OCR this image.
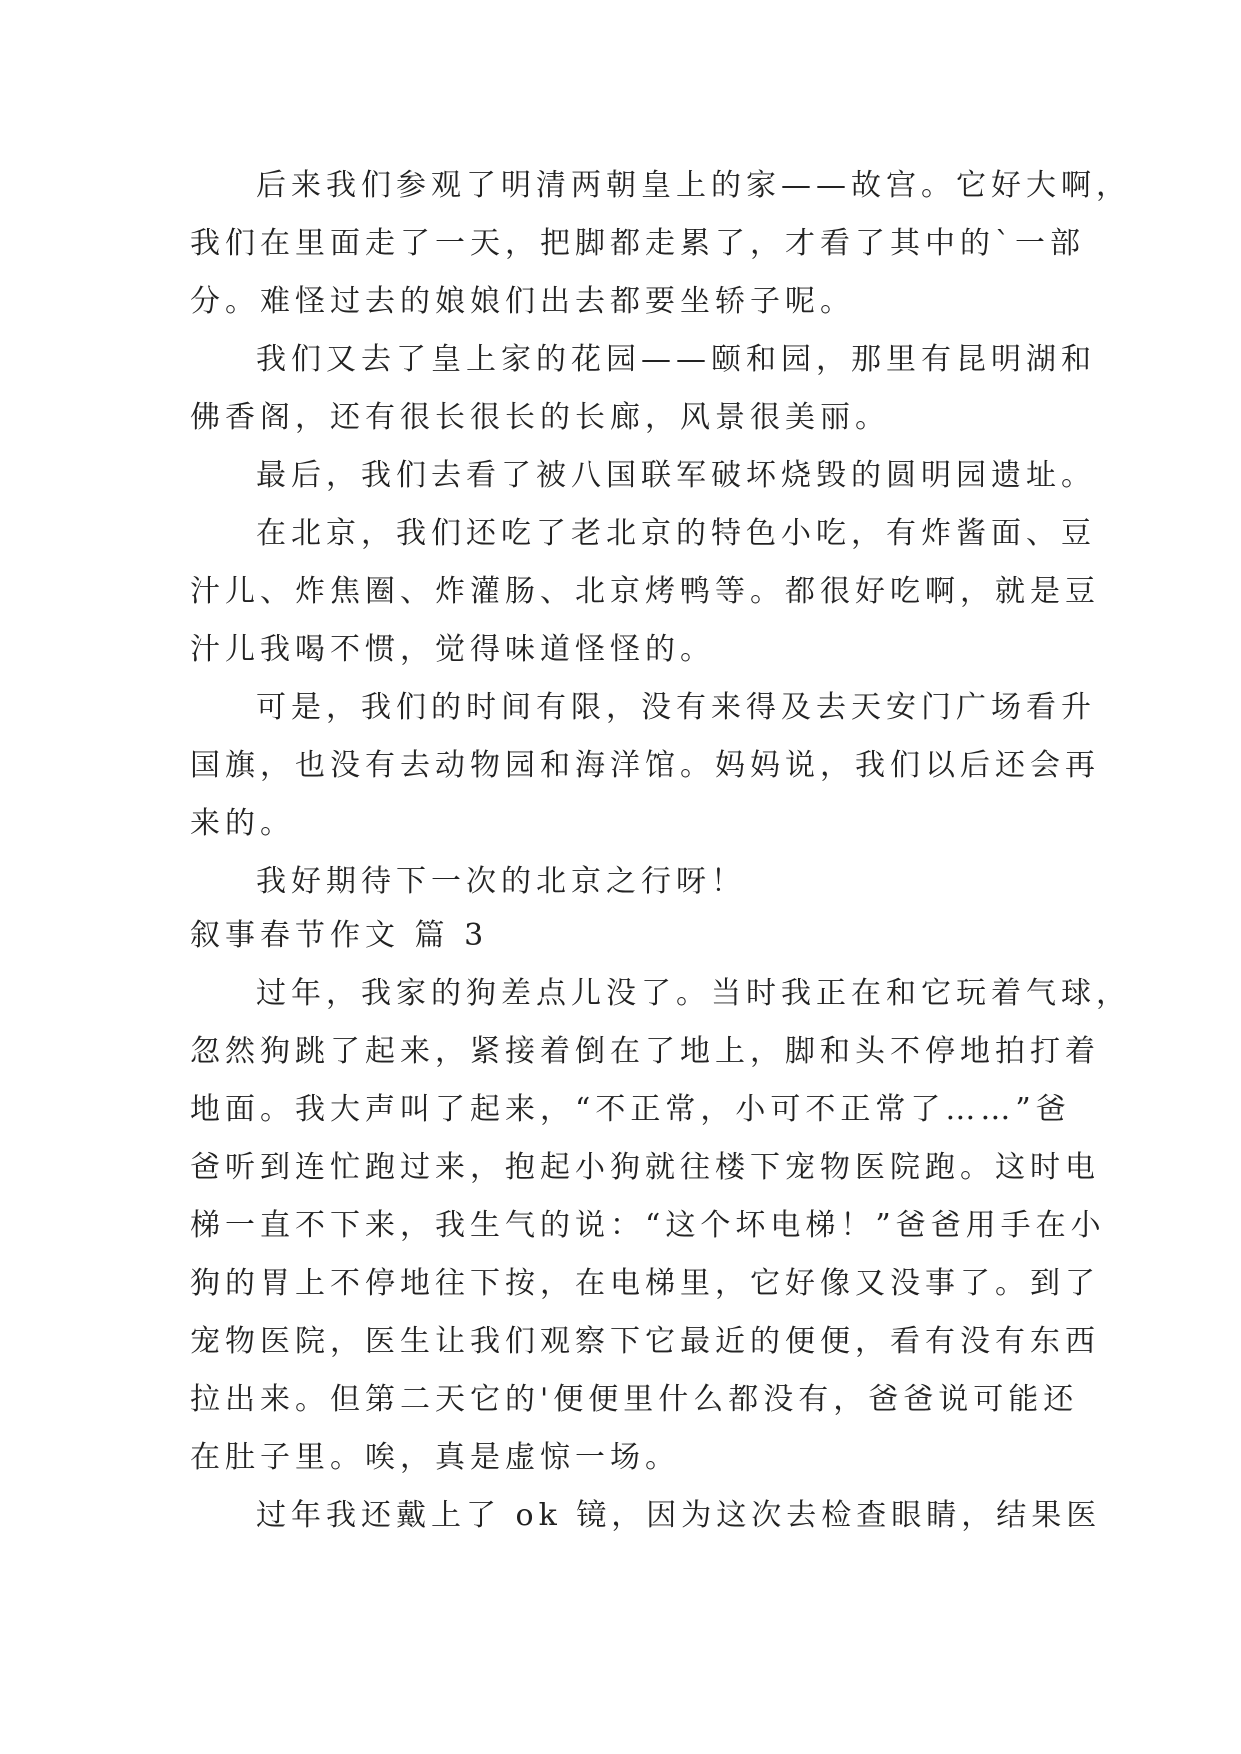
后来我们参观了明清两朝皇上的家——故宫。它好大啊，
我们在里面走了一天，把脚都走累了，才看了其中的`一部
分。难怪过去的娘娘们出去都要坐轿子呢。
我们又去了皇上家的花园——颐和园，那里有昆明湖和
佛香阁，还有很长很长的长廊，风景很美丽。
最后，我们去看了被八国联军破坏烧毁的圆明园遗址。
在北京，我们还吃了老北京的特色小吃，有炸酱面、豆
汁儿、炸焦圈、炸灌肠、北京烤鸭等。都很好吃啊，就是豆
汁儿我喝不惯，觉得味道怪怪的。
可是，我们的时间有限，没有来得及去天安门广场看升
国旗，也没有去动物园和海洋馆。妈妈说，我们以后还会再
来的。
我好期待下一次的北京之行呀！
叙事春节作文 篇 3
过年，我家的狗差点儿没了。当时我正在和它玩着气球，
忽然狗跳了起来，紧接着倒在了地上，脚和头不停地拍打着
地面。我大声叫了起来，“不正常，小可不正常了……”爸
爸听到连忙跑过来，抱起小狗就往楼下宠物医院跑。这时电
梯一直不下来，我生气的说：“这个坏电梯！”爸爸用手在小
狗的胃上不停地往下按，在电梯里，它好像又没事了。到了
宠物医院，医生让我们观察下它最近的便便，看有没有东西
拉出来。但第二天它的'便便里什么都没有，爸爸说可能还
在肚子里。唉，真是虚惊一场。
过年我还戴上了 ok 镜，因为这次去检查眼睛，结果医
